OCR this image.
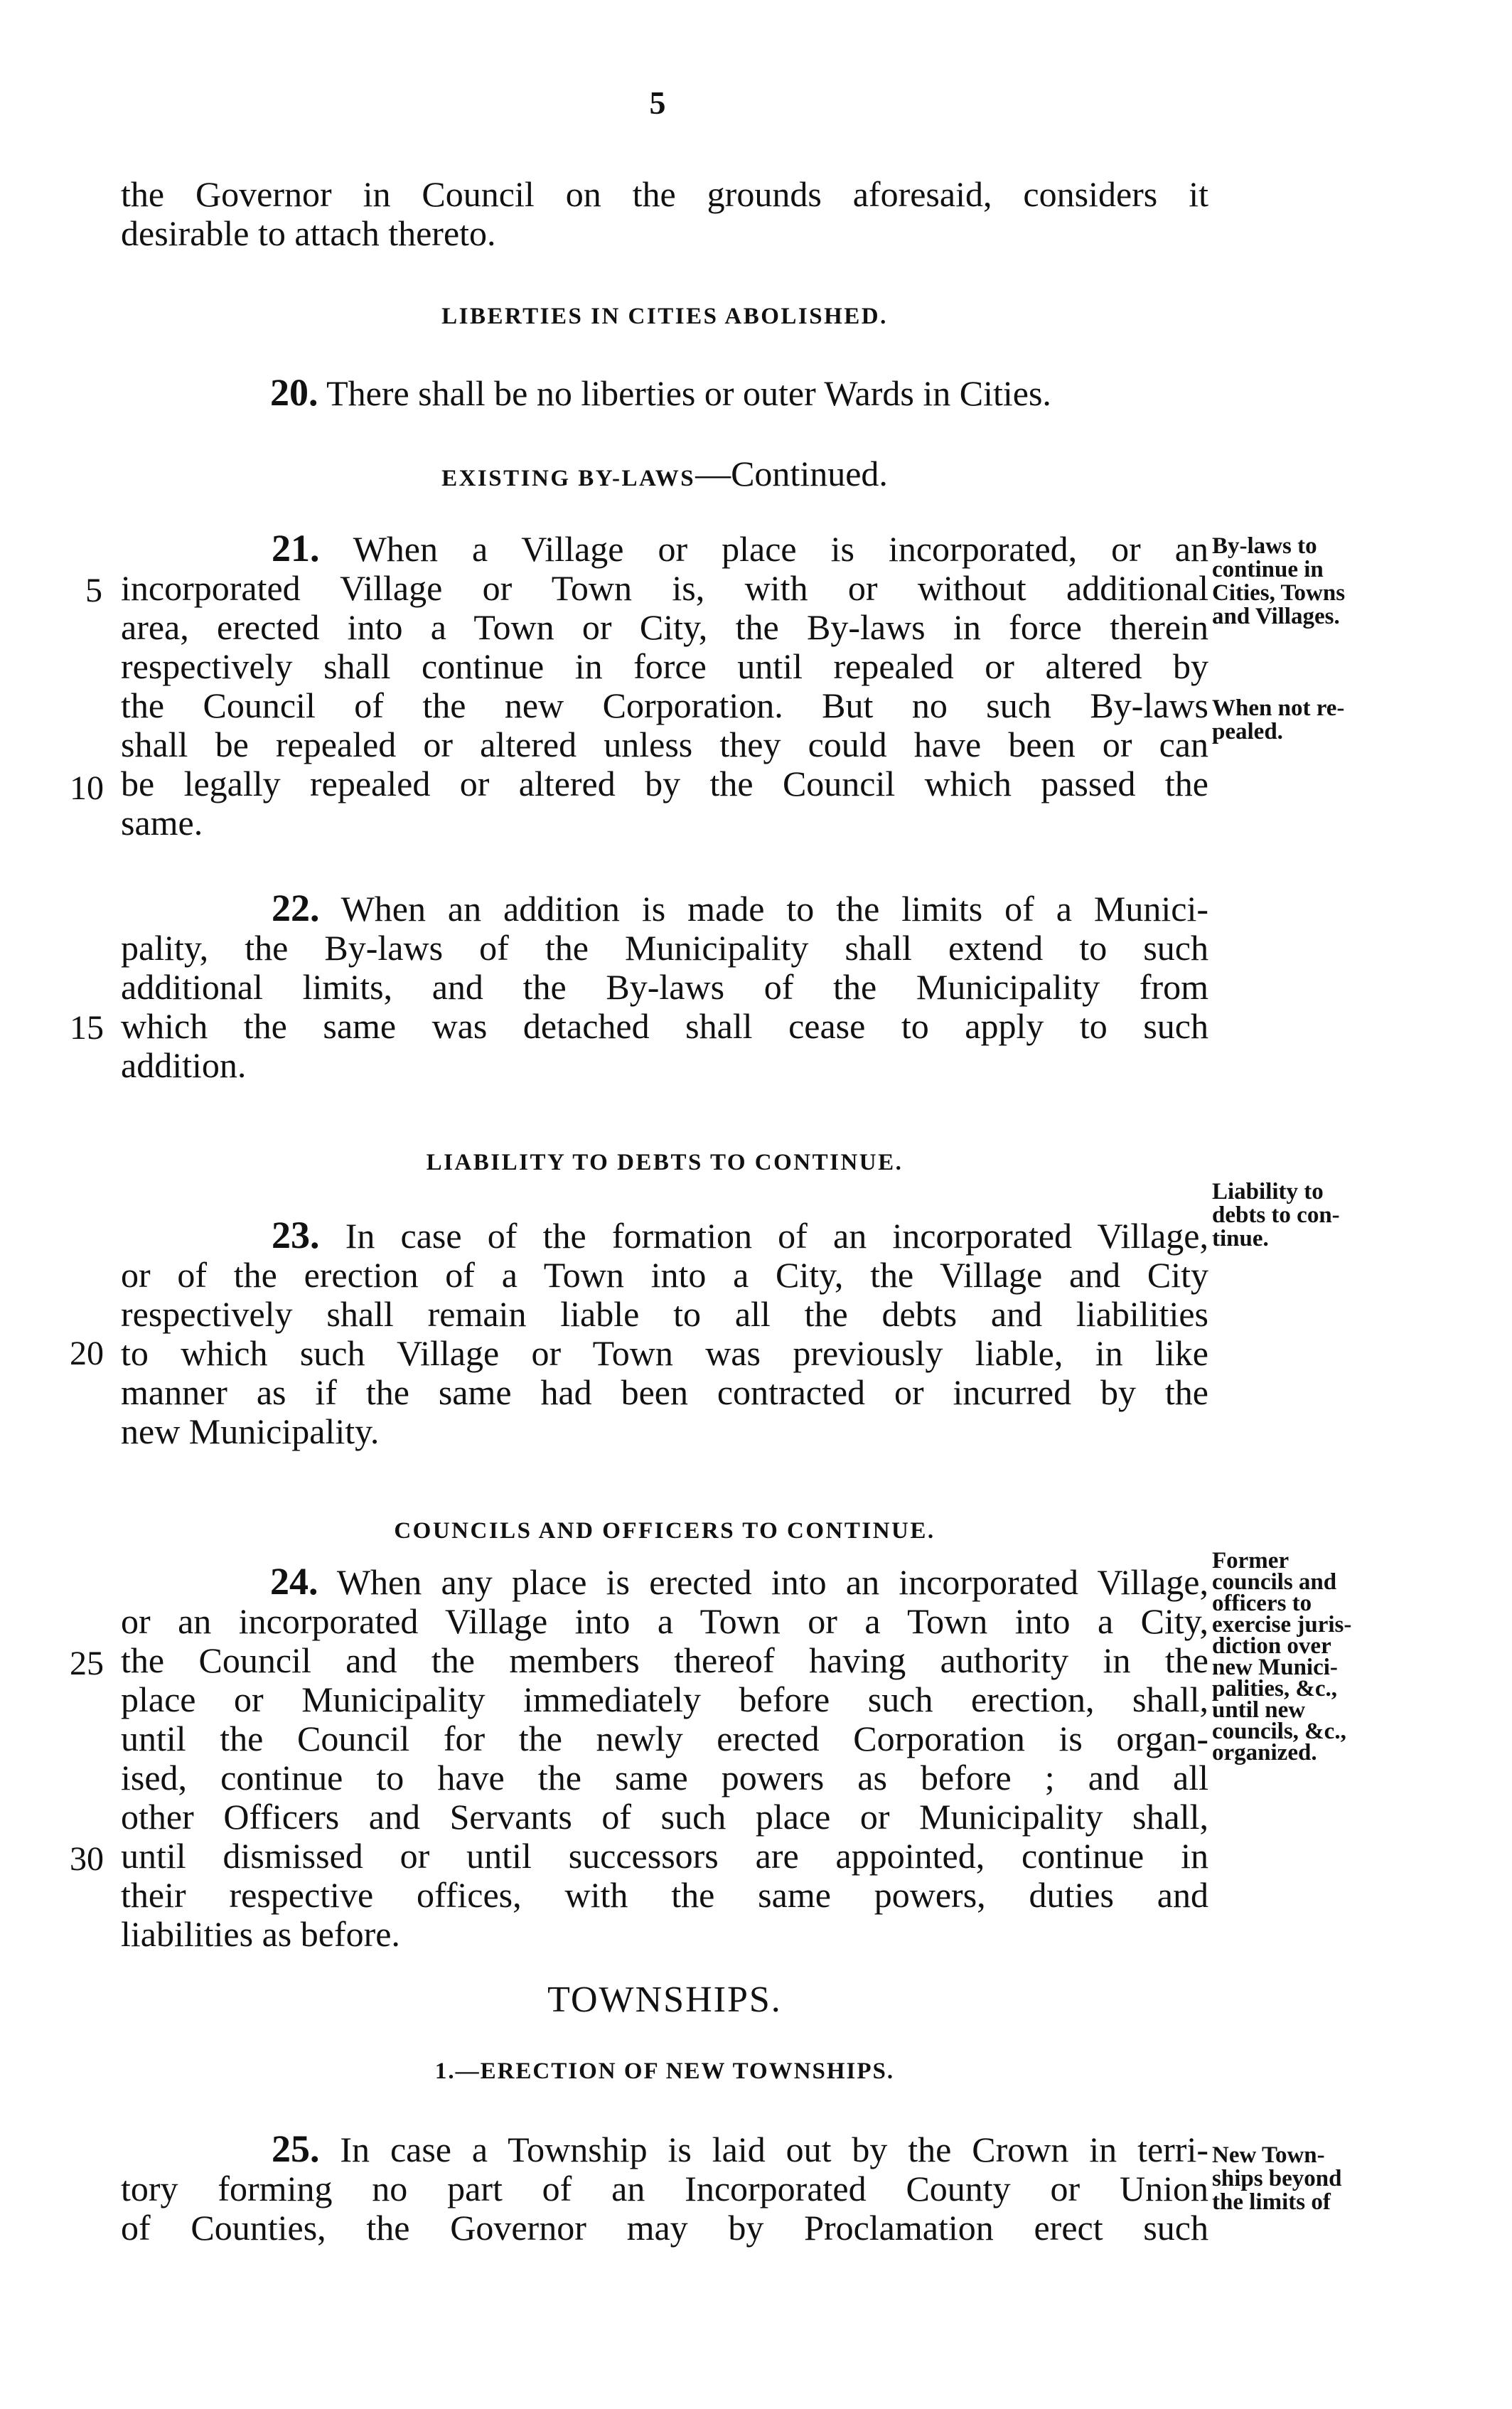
5
the Governor in Council on the grounds aforesaid, considers it
desirable to attach thereto.
LIBERTIES IN CITIES ABOLISHED.
20. There shall be no liberties or outer Wards in Cities.
EXISTING BY-LAWS—Continued.
21. When a Village or place is incorporated, or an
incorporated Village or Town is, with or without additional
area, erected into a Town or City, the By-laws in force therein
respectively shall continue in force until repealed or altered by
the Council of the new Corporation. But no such By-laws
shall be repealed or altered unless they could have been or can
be legally repealed or altered by the Council which passed the
same.
22. When an addition is made to the limits of a Munici-
pality, the By-laws of the Municipality shall extend to such
additional limits, and the By-laws of the Municipality from
which the same was detached shall cease to apply to such
addition.
LIABILITY TO DEBTS TO CONTINUE.
23. In case of the formation of an incorporated Village,
or of the erection of a Town into a City, the Village and City
respectively shall remain liable to all the debts and liabilities
to which such Village or Town was previously liable, in like
manner as if the same had been contracted or incurred by the
new Municipality.
COUNCILS AND OFFICERS TO CONTINUE.
24. When any place is erected into an incorporated Village,
or an incorporated Village into a Town or a Town into a City,
the Council and the members thereof having authority in the
place or Municipality immediately before such erection, shall,
until the Council for the newly erected Corporation is organ-
ised, continue to have the same powers as before ; and all
other Officers and Servants of such place or Municipality shall,
until dismissed or until successors are appointed, continue in
their respective offices, with the same powers, duties and
liabilities as before.
TOWNSHIPS.
1.—ERECTION OF NEW TOWNSHIPS.
25. In case a Township is laid out by the Crown in terri-
tory forming no part of an Incorporated County or Union
of Counties, the Governor may by Proclamation erect such
5
10
15
20
25
30
By-laws to
continue in
Cities, Towns
and Villages.
When not re-
pealed.
Liability to
debts to con-
tinue.
Former
councils and
officers to
exercise juris-
diction over
new Munici-
palities, &c.,
until new
councils, &c.,
organized.
New Town-
ships beyond
the limits of
